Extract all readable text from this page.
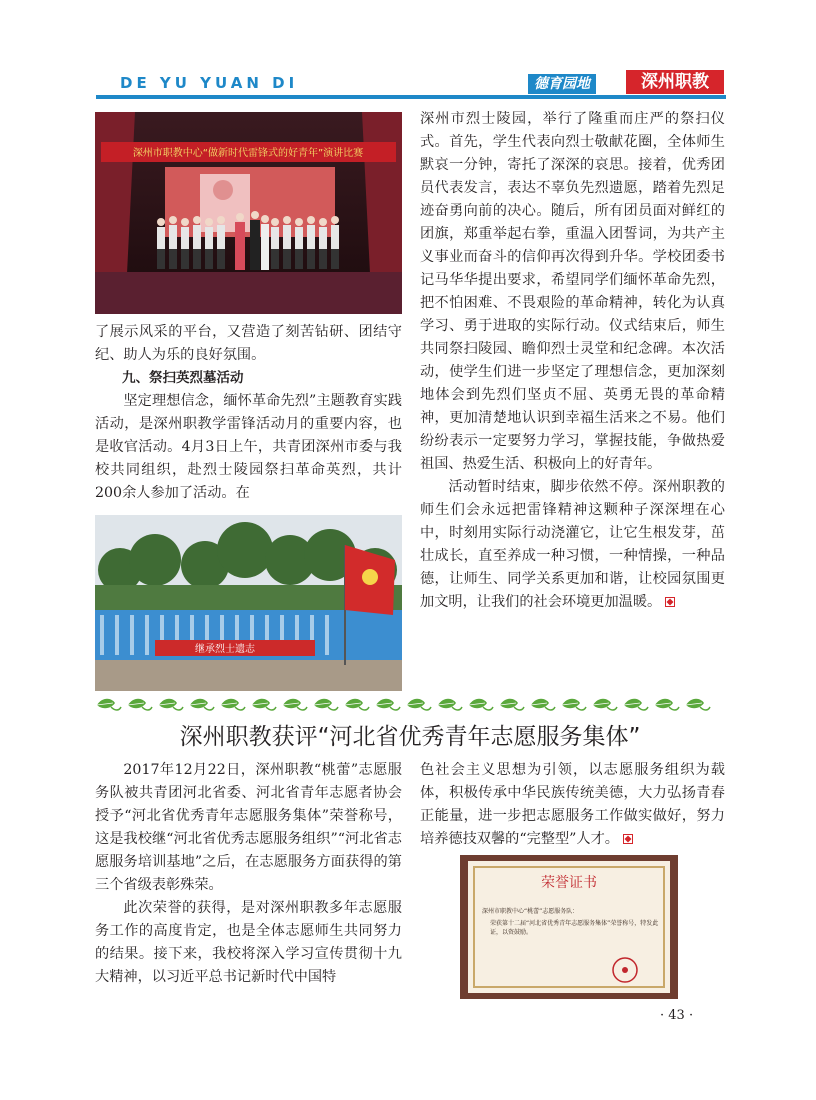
DE YU YUAN DI	德育园地	深州职教
深州市职教中心“做新时代雷锋式的好青年”演讲比赛

了展示风采的平台，又营造了刻苦钻研、团结守纪、助人为乐的良好氛围。

九、祭扫英烈墓活动

坚定理想信念，缅怀革命先烈”主题教育实践活动，是深州职教学雷锋活动月的重要内容，也是收官活动。4月3日上午，共青团深州市委与我校共同组织，赴烈士陵园祭扫革命英烈，共计200余人参加了活动。在

继承烈士遗志

深州市烈士陵园，举行了隆重而庄严的祭扫仪式。首先，学生代表向烈士敬献花圈，全体师生默哀一分钟，寄托了深深的哀思。接着，优秀团员代表发言，表达不辜负先烈遗愿，踏着先烈足迹奋勇向前的决心。随后，所有团员面对鲜红的团旗，郑重举起右拳，重温入团誓词，为共产主义事业而奋斗的信仰再次得到升华。学校团委书记马华华提出要求，希望同学们缅怀革命先烈，把不怕困难、不畏艰险的革命精神，转化为认真学习、勇于进取的实际行动。仪式结束后，师生共同祭扫陵园、瞻仰烈士灵堂和纪念碑。本次活动，使学生们进一步坚定了理想信念，更加深刻地体会到先烈们坚贞不屈、英勇无畏的革命精神，更加清楚地认识到幸福生活来之不易。他们纷纷表示一定要努力学习，掌握技能，争做热爱祖国、热爱生活、积极向上的好青年。

活动暂时结束，脚步依然不停。深州职教的师生们会永远把雷锋精神这颗种子深深埋在心中，时刻用实际行动浇灌它，让它生根发芽，茁壮成长，直至养成一种习惯，一种情操，一种品德，让师生、同学关系更加和谐，让校园氛围更加文明，让我们的社会环境更加温暖。

深州职教获评“河北省优秀青年志愿服务集体”

2017年12月22日，深州职教“桃蕾”志愿服务队被共青团河北省委、河北省青年志愿者协会授予“河北省优秀青年志愿服务集体”荣誉称号，这是我校继“河北省优秀志愿服务组织”“河北省志愿服务培训基地”之后，在志愿服务方面获得的第三个省级表彰殊荣。

此次荣誉的获得，是对深州职教多年志愿服务工作的高度肯定，也是全体志愿师生共同努力的结果。接下来，我校将深入学习宣传贯彻十九大精神，以习近平总书记新时代中国特

色社会主义思想为引领，以志愿服务组织为载体，积极传承中华民族传统美德，大力弘扬青春正能量，进一步把志愿服务工作做实做好，努力培养德技双馨的“完整型”人才。

荣誉证书
深州市职教中心“桃蕾”志愿服务队：
荣获第十二届“河北省优秀青年志愿服务集体”荣誉称号，特发此证，以资鼓励。
· 43 ·
